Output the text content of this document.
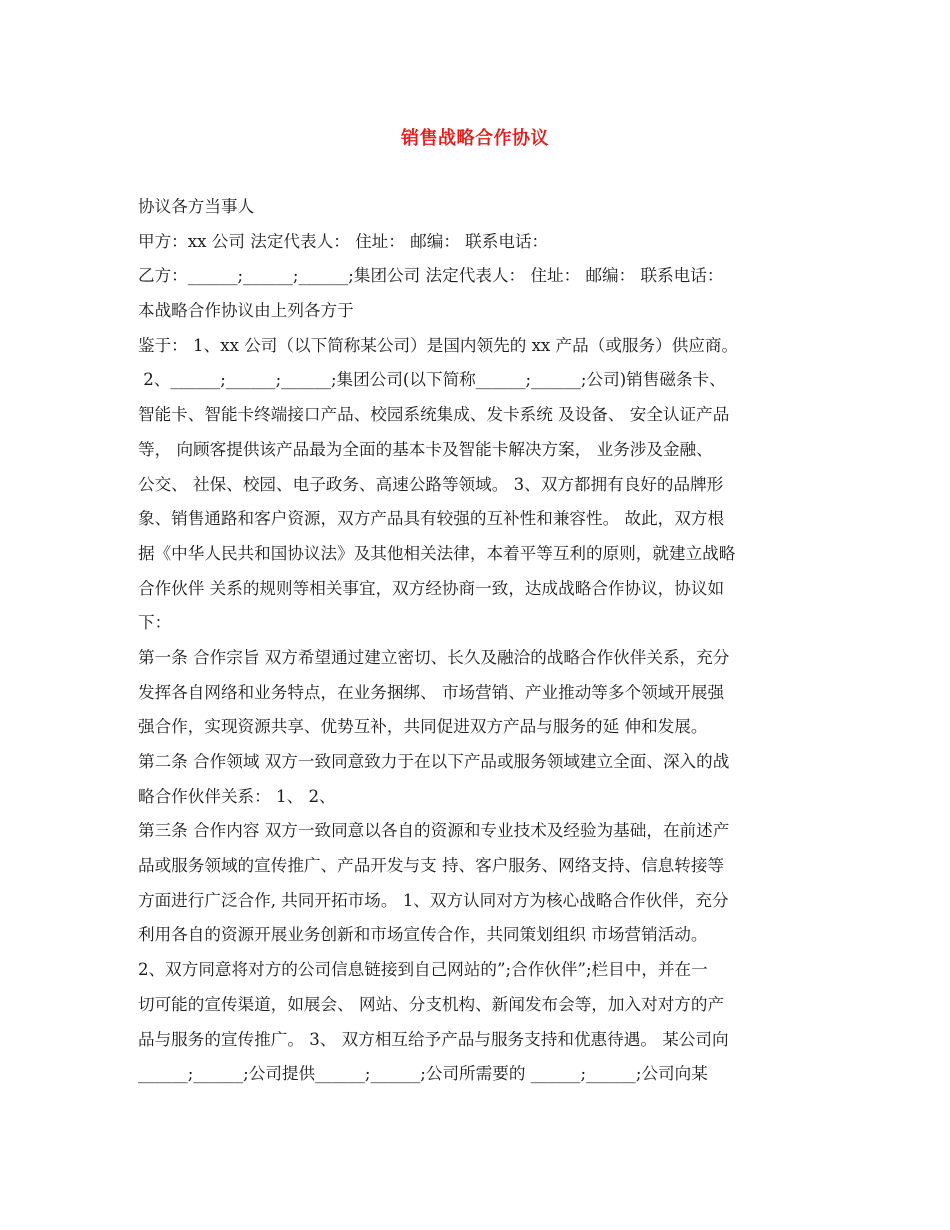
销售战略合作协议
协议各方当事人
甲方：xx 公司 法定代表人： 住址： 邮编： 联系电话：
乙方：______;______;______;集团公司 法定代表人： 住址： 邮编： 联系电话：
本战略合作协议由上列各方于
鉴于： 1、xx 公司（以下简称某公司）是国内领先的 xx 产品（或服务）供应商。
2、______;______;______;集团公司(以下简称______;______;公司)销售磁条卡、
智能卡、智能卡终端接口产品、校园系统集成、发卡系统 及设备、 安全认证产品
等， 向顾客提供该产品最为全面的基本卡及智能卡解决方案， 业务涉及金融、
公交、 社保、校园、电子政务、高速公路等领域。 3、双方都拥有良好的品牌形
象、销售通路和客户资源，双方产品具有较强的互补性和兼容性。 故此，双方根
据《中华人民共和国协议法》及其他相关法律，本着平等互利的原则，就建立战略
合作伙伴 关系的规则等相关事宜，双方经协商一致，达成战略合作协议，协议如
下：
第一条 合作宗旨 双方希望通过建立密切、长久及融洽的战略合作伙伴关系，充分
发挥各自网络和业务特点，在业务捆绑、 市场营销、产业推动等多个领域开展强
强合作，实现资源共享、优势互补，共同促进双方产品与服务的延 伸和发展。
第二条 合作领域 双方一致同意致力于在以下产品或服务领域建立全面、深入的战
略合作伙伴关系： 1、 2、
第三条 合作内容 双方一致同意以各自的资源和专业技术及经验为基础，在前述产
品或服务领域的宣传推广、产品开发与支 持、客户服务、网络支持、信息转接等
方面进行广泛合作, 共同开拓市场。 1、双方认同对方为核心战略合作伙伴，充分
利用各自的资源开展业务创新和市场宣传合作，共同策划组织 市场营销活动。
2、双方同意将对方的公司信息链接到自己网站的”;合作伙伴”;栏目中，并在一
切可能的宣传渠道，如展会、 网站、分支机构、新闻发布会等，加入对对方的产
品与服务的宣传推广。 3、 双方相互给予产品与服务支持和优惠待遇。 某公司向
______;______;公司提供______;______;公司所需要的 ______;______;公司向某
